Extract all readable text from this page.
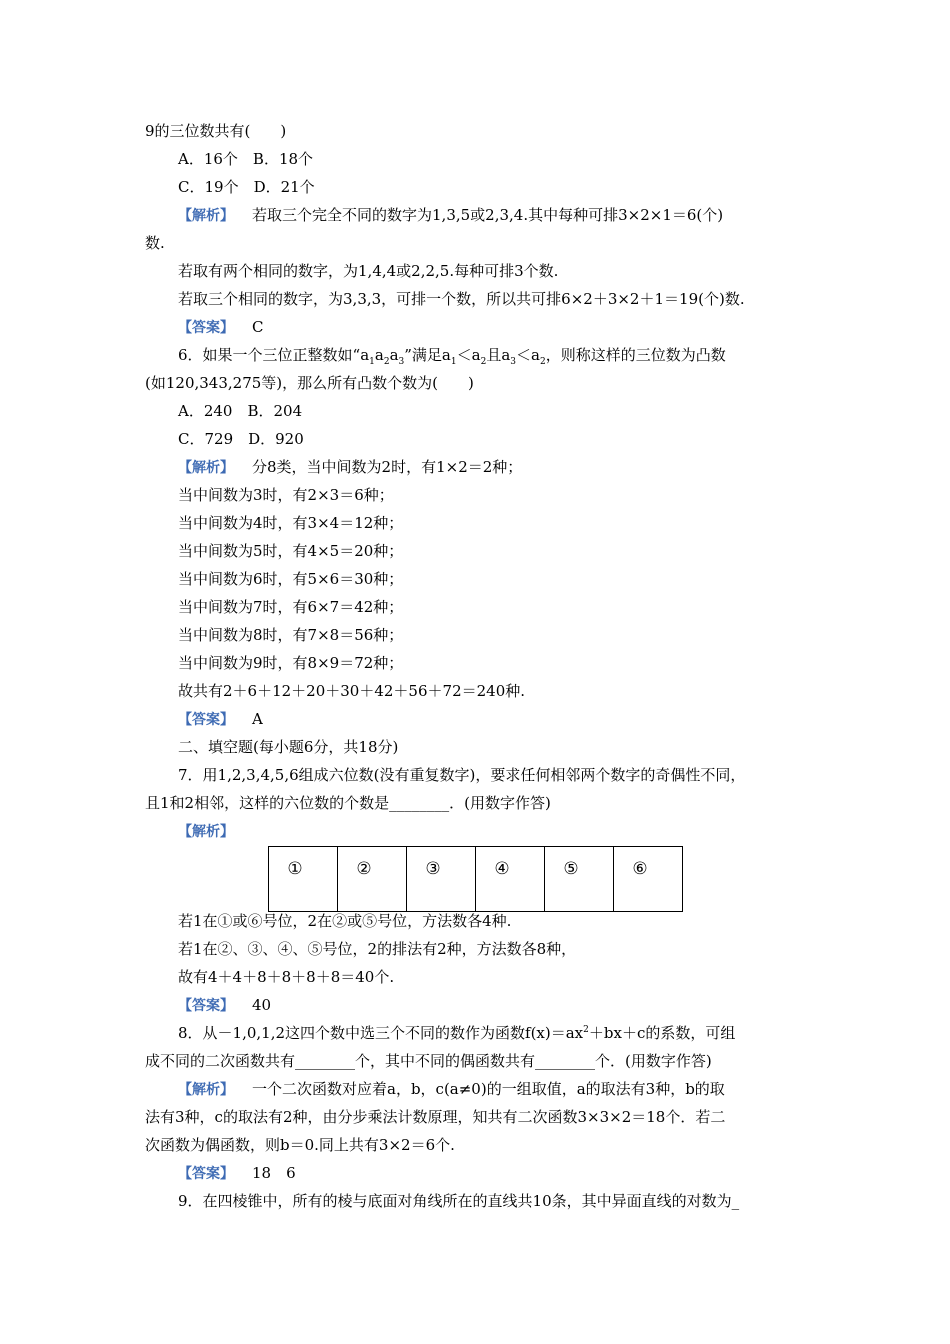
9的三位数共有(　　)
A．16个　B．18个
C．19个　D．21个
【解析】 若取三个完全不同的数字为1,3,5或2,3,4.其中每种可排3×2×1＝6(个)
数.
若取有两个相同的数字，为1,4,4或2,2,5.每种可排3个数.
若取三个相同的数字，为3,3,3，可排一个数，所以共可排6×2＋3×2＋1＝19(个)数.
【答案】 C
6．如果一个三位正整数如“$a_1a_2a_3$”满足$a_1<a_2$且$a_3<a_2$，则称这样的三位数为凸数
(如120,343,275等)，那么所有凸数个数为(　　)
A．240　B．204
C．729　D．920
【解析】 分8类，当中间数为2时，有1×2＝2种；
当中间数为3时，有2×3＝6种；
当中间数为4时，有3×4＝12种；
当中间数为5时，有4×5＝20种；
当中间数为6时，有5×6＝30种；
当中间数为7时，有6×7＝42种；
当中间数为8时，有7×8＝56种；
当中间数为9时，有8×9＝72种；
故共有2＋6＋12＋20＋30＋42＋56＋72＝240种.
【答案】 A
二、填空题(每小题6分，共18分)
7．用1,2,3,4,5,6组成六位数(没有重复数字)，要求任何相邻两个数字的奇偶性不同，
且1和2相邻，这样的六位数的个数是________．(用数字作答)
【解析】
①	②	③	④	⑤	⑥
若1在①或⑥号位，2在②或⑤号位，方法数各4种.
若1在②、③、④、⑤号位，2的排法有2种，方法数各8种，
故有4＋4＋8＋8＋8＋8＝40个.
【答案】 40
8．从－1,0,1,2这四个数中选三个不同的数作为函数$f(x)=ax^2+bx+c$的系数，可组
成不同的二次函数共有________个，其中不同的偶函数共有________个．(用数字作答)
【解析】 一个二次函数对应着a，b，c(a≠0)的一组取值，a的取法有3种，b的取
法有3种，c的取法有2种，由分步乘法计数原理，知共有二次函数3×3×2＝18个．若二
次函数为偶函数，则b＝0.同上共有3×2＝6个.
【答案】 18　6
9．在四棱锥中，所有的棱与底面对角线所在的直线共10条，其中异面直线的对数为_
